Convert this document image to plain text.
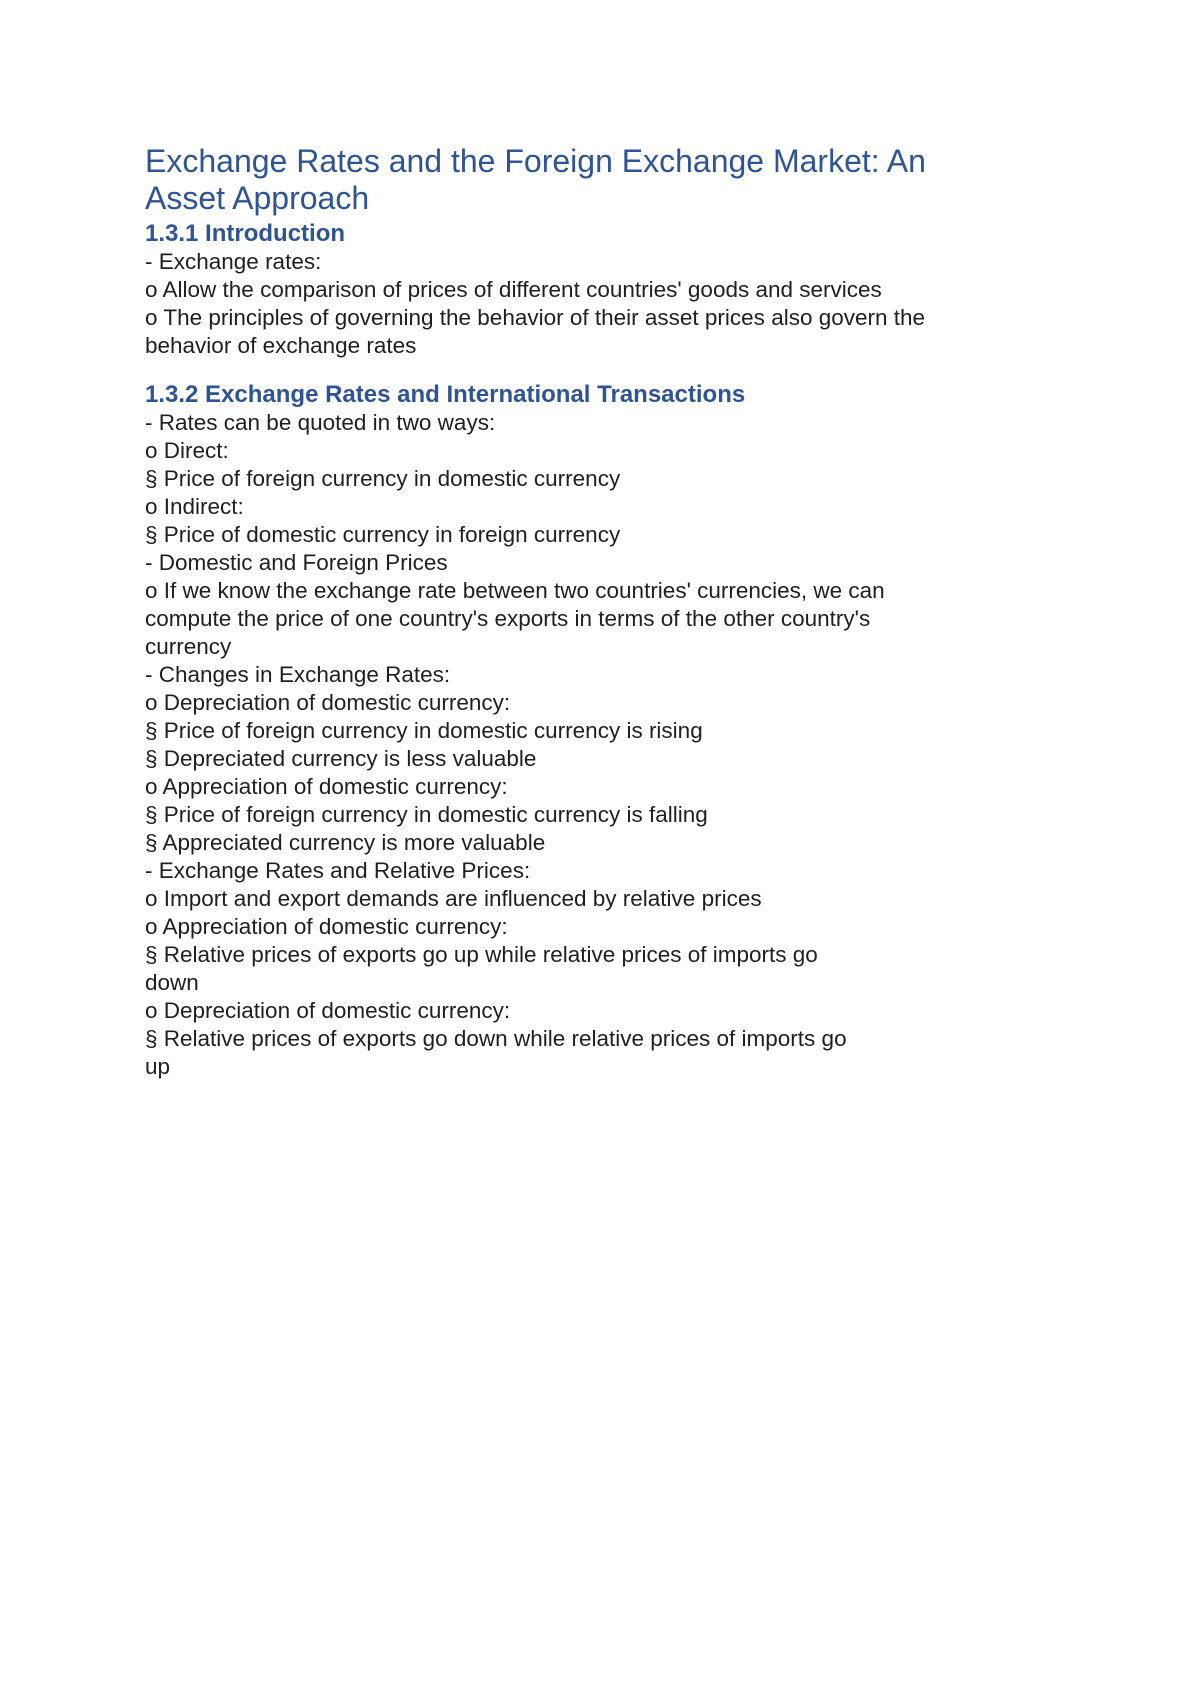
Exchange Rates and the Foreign Exchange Market: An
Asset Approach
1.3.1 Introduction

- Exchange rates:

o Allow the comparison of prices of different countries' goods and services

o The principles of governing the behavior of their asset prices also govern the

behavior of exchange rates

1.3.2 Exchange Rates and International Transactions

- Rates can be quoted in two ways:

o Direct:

§ Price of foreign currency in domestic currency

o Indirect:

§ Price of domestic currency in foreign currency

- Domestic and Foreign Prices

o If we know the exchange rate between two countries' currencies, we can

compute the price of one country's exports in terms of the other country's

currency

- Changes in Exchange Rates:

o Depreciation of domestic currency:

§ Price of foreign currency in domestic currency is rising

§ Depreciated currency is less valuable

o Appreciation of domestic currency:

§ Price of foreign currency in domestic currency is falling

§ Appreciated currency is more valuable

- Exchange Rates and Relative Prices:

o Import and export demands are influenced by relative prices

o Appreciation of domestic currency:

§ Relative prices of exports go up while relative prices of imports go

down

o Depreciation of domestic currency:

§ Relative prices of exports go down while relative prices of imports go

up
